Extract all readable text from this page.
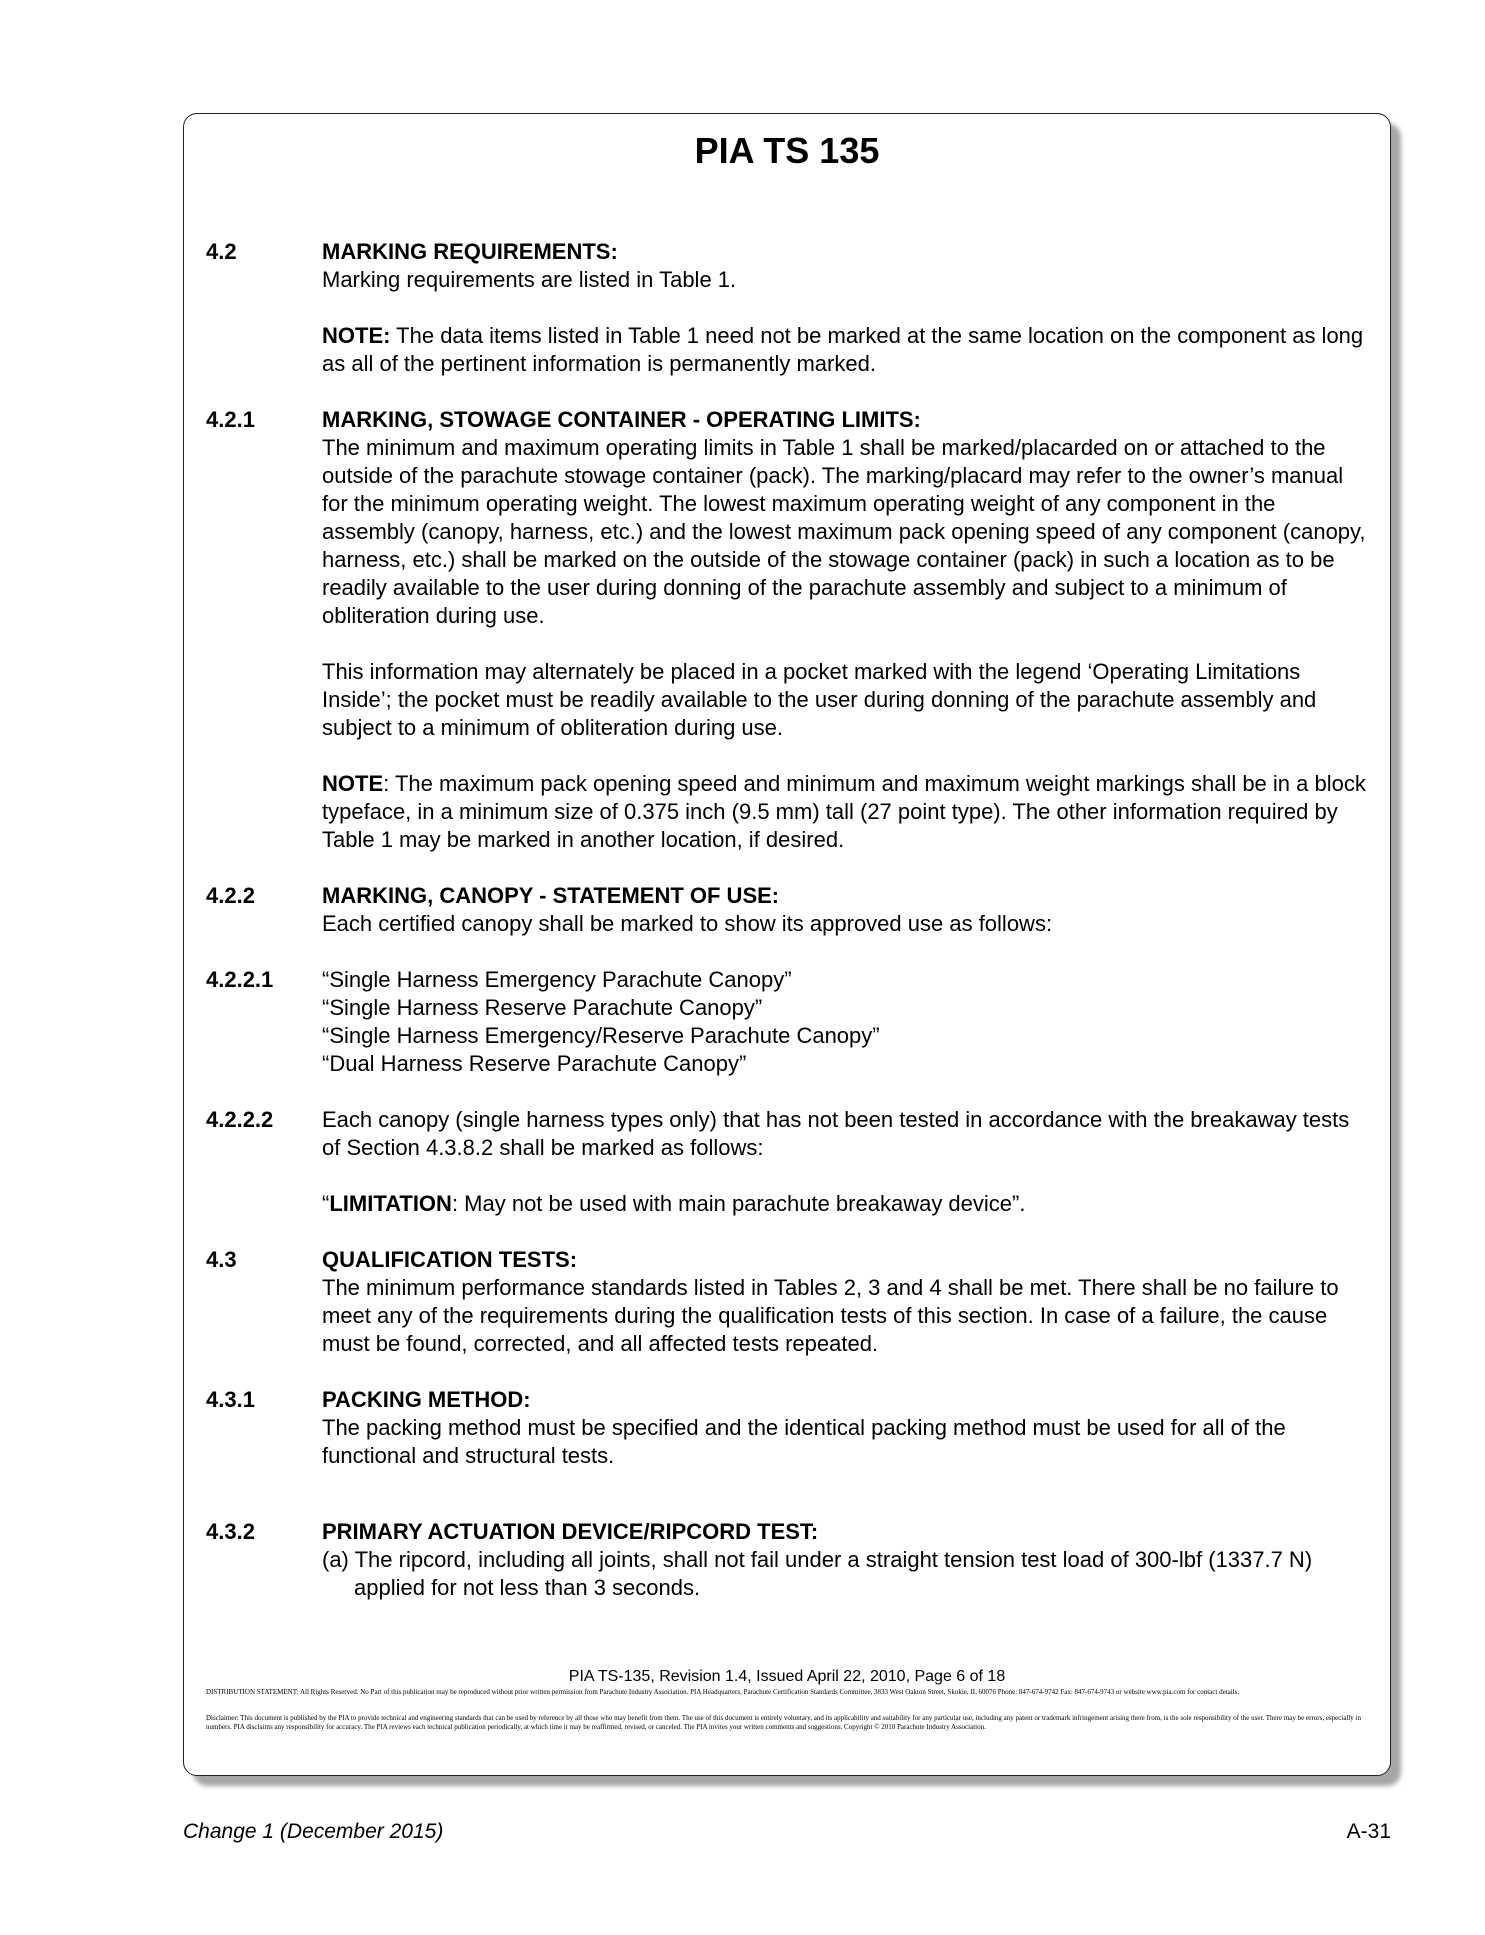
PIA TS 135
4.2	MARKING REQUIREMENTS:

Marking requirements are listed in Table 1.

NOTE: The data items listed in Table 1 need not be marked at the same location on the component as long as all of the pertinent information is permanently marked.

4.2.1	MARKING, STOWAGE CONTAINER - OPERATING LIMITS:

The minimum and maximum operating limits in Table 1 shall be marked/placarded on or attached to the outside of the parachute stowage container (pack). The marking/placard may refer to the owner’s manual for the minimum operating weight. The lowest maximum operating weight of any component in the assembly (canopy, harness, etc.) and the lowest maximum pack opening speed of any component (canopy, harness, etc.) shall be marked on the outside of the stowage container (pack) in such a location as to be readily available to the user during donning of the parachute assembly and subject to a minimum of obliteration during use.

This information may alternately be placed in a pocket marked with the legend ‘Operating Limitations Inside’; the pocket must be readily available to the user during donning of the parachute assembly and subject to a minimum of obliteration during use.

NOTE: The maximum pack opening speed and minimum and maximum weight markings shall be in a block typeface, in a minimum size of 0.375 inch (9.5 mm) tall (27 point type). The other information required by Table 1 may be marked in another location, if desired.

4.2.2	MARKING, CANOPY - STATEMENT OF USE:

Each certified canopy shall be marked to show its approved use as follows:

4.2.2.1	“Single Harness Emergency Parachute Canopy”
“Single Harness Reserve Parachute Canopy”
“Single Harness Emergency/Reserve Parachute Canopy”
“Dual Harness Reserve Parachute Canopy”
4.2.2.2	Each canopy (single harness types only) that has not been tested in accordance with the breakaway tests of Section 4.3.8.2 shall be marked as follows:

“LIMITATION: May not be used with main parachute breakaway device”.

4.3	QUALIFICATION TESTS:

The minimum performance standards listed in Tables 2, 3 and 4 shall be met. There shall be no failure to meet any of the requirements during the qualification tests of this section. In case of a failure, the cause must be found, corrected, and all affected tests repeated.

4.3.1	PACKING METHOD:

The packing method must be specified and the identical packing method must be used for all of the functional and structural tests.

4.3.2	PRIMARY ACTUATION DEVICE/RIPCORD TEST:

(a) The ripcord, including all joints, shall not fail under a straight tension test load of 300-lbf (1337.7 N) applied for not less than 3 seconds.

PIA TS-135, Revision 1.4, Issued April 22, 2010, Page 6 of 18
DISTRIBUTION STATEMENT: All Rights Reserved. No Part of this publication may be reproduced without prior written permission from Parachute Industry Association. PIA Headquarters, Parachute Certification Standards Committee, 3833 West Oakton Street, Skokie, IL 60076 Phone: 847-674-9742 Fax: 847-674-9743 or website www.pia.com for contact details.
Disclaimer: This document is published by the PIA to provide technical and engineering standards that can be used by reference by all those who may benefit from them. The use of this document is entirely voluntary, and its applicability and suitability for any particular use, including any patent or trademark infringement arising there from, is the sole responsibility of the user. There may be errors, especially in numbers. PIA disclaims any responsibility for accuracy. The PIA reviews each technical publication periodically, at which time it may be reaffirmed, revised, or canceled. The PIA invites your written comments and suggestions. Copyright © 2010 Parachute Industry Association.
Change 1 (December 2015)	A-31
